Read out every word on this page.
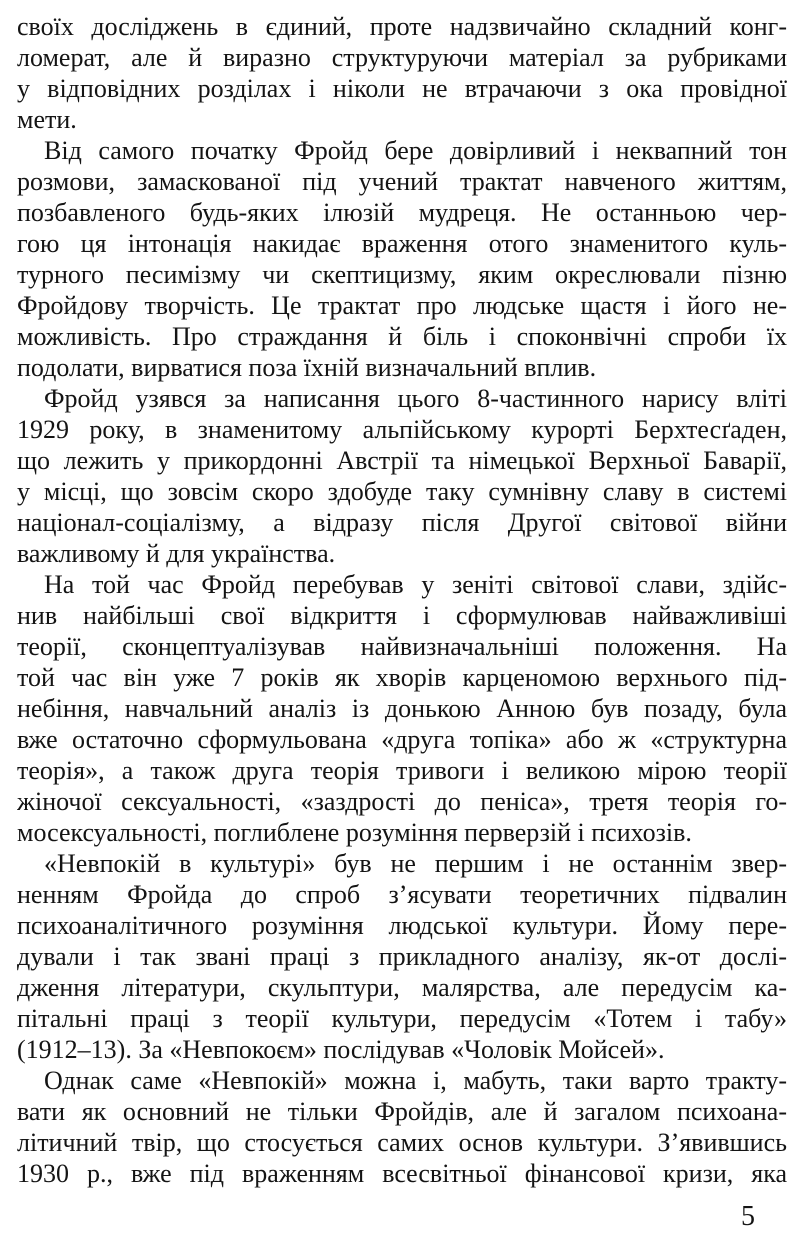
своїх досліджень в єдиний, проте надзвичайно складний конг-
ломерат, але й виразно структуруючи матеріал за рубриками
у відповідних розділах і ніколи не втрачаючи з ока провідної
мети.
Від самого початку Фройд бере довірливий і неквапний тон
розмови, замаскованої під учений трактат навченого життям,
позбавленого будь-яких ілюзій мудреця. Не останньою чер-
гою ця інтонація накидає враження отого знаменитого куль-
турного песимізму чи скептицизму, яким окреслювали пізню
Фройдову творчість. Це трактат про людське щастя і його не-
можливість. Про страждання й біль і споконвічні спроби їх
подолати, вирватися поза їхній визначальний вплив.
Фройд узявся за написання цього 8-частинного нарису вліті
1929 року, в знаменитому альпійському курорті Берхтесґаден,
що лежить у прикордонні Австрії та німецької Верхньої Баварії,
у місці, що зовсім скоро здобуде таку сумнівну славу в системі
націонал-соціалізму, а відразу після Другої світової війни
важливому й для українства.
На той час Фройд перебував у зеніті світової слави, здійс-
нив найбільші свої відкриття і сформулював найважливіші
теорії, сконцептуалізував найвизначальніші положення. На
той час він уже 7 років як хворів карценомою верхнього під-
небіння, навчальний аналіз із донькою Анною був позаду, була
вже остаточно сформульована «друга топіка» або ж «структурна
теорія», а також друга теорія тривоги і великою мірою теорії
жіночої сексуальності, «заздрості до пеніса», третя теорія го-
мосексуальності, поглиблене розуміння перверзій і психозів.
«Невпокій в культурі» був не першим і не останнім звер-
ненням Фройда до спроб з’ясувати теоретичних підвалин
психоаналітичного розуміння людської культури. Йому пере-
дували і так звані праці з прикладного аналізу, як-от дослі-
дження літератури, скульптури, малярства, але передусім ка-
пітальні праці з теорії культури, передусім «Тотем і табу»
(1912–13). За «Невпокоєм» послідував «Чоловік Мойсей».
Однак саме «Невпокій» можна і, мабуть, таки варто тракту-
вати як основний не тільки Фройдів, але й загалом психоана-
літичний твір, що стосується самих основ культури. З’явившись
1930 р., вже під враженням всесвітньої фінансової кризи, яка
5
